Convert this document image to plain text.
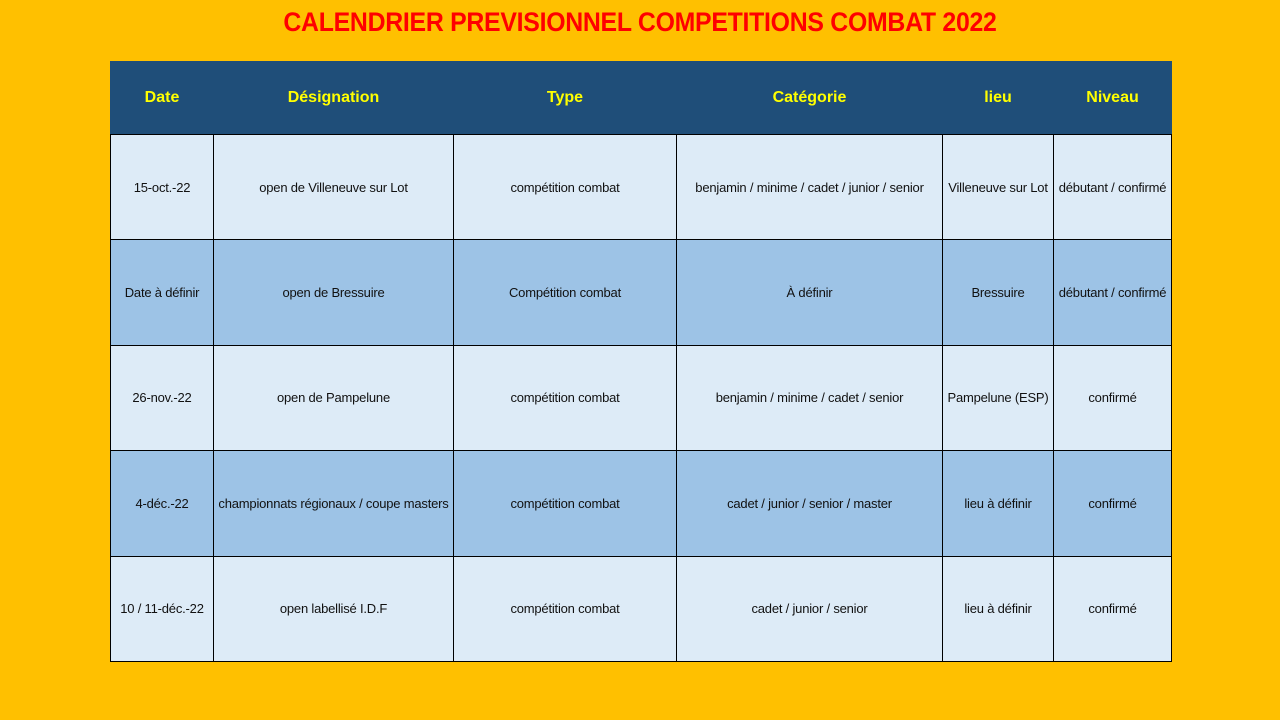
CALENDRIER PREVISIONNEL COMPETITIONS COMBAT 2022
Date	Désignation	Type	Catégorie	lieu	Niveau
15-oct.-22	open de Villeneuve sur Lot	compétition combat	benjamin / minime / cadet / junior / senior	Villeneuve sur Lot	débutant / confirmé
Date à définir	open de Bressuire	Compétition combat	À définir	Bressuire	débutant / confirmé
26-nov.-22	open de Pampelune	compétition combat	benjamin / minime / cadet / senior	Pampelune (ESP)	confirmé
4-déc.-22	championnats régionaux / coupe masters	compétition combat	cadet / junior / senior / master	lieu à définir	confirmé
10 / 11-déc.-22	open labellisé I.D.F	compétition combat	cadet / junior / senior	lieu à définir	confirmé
